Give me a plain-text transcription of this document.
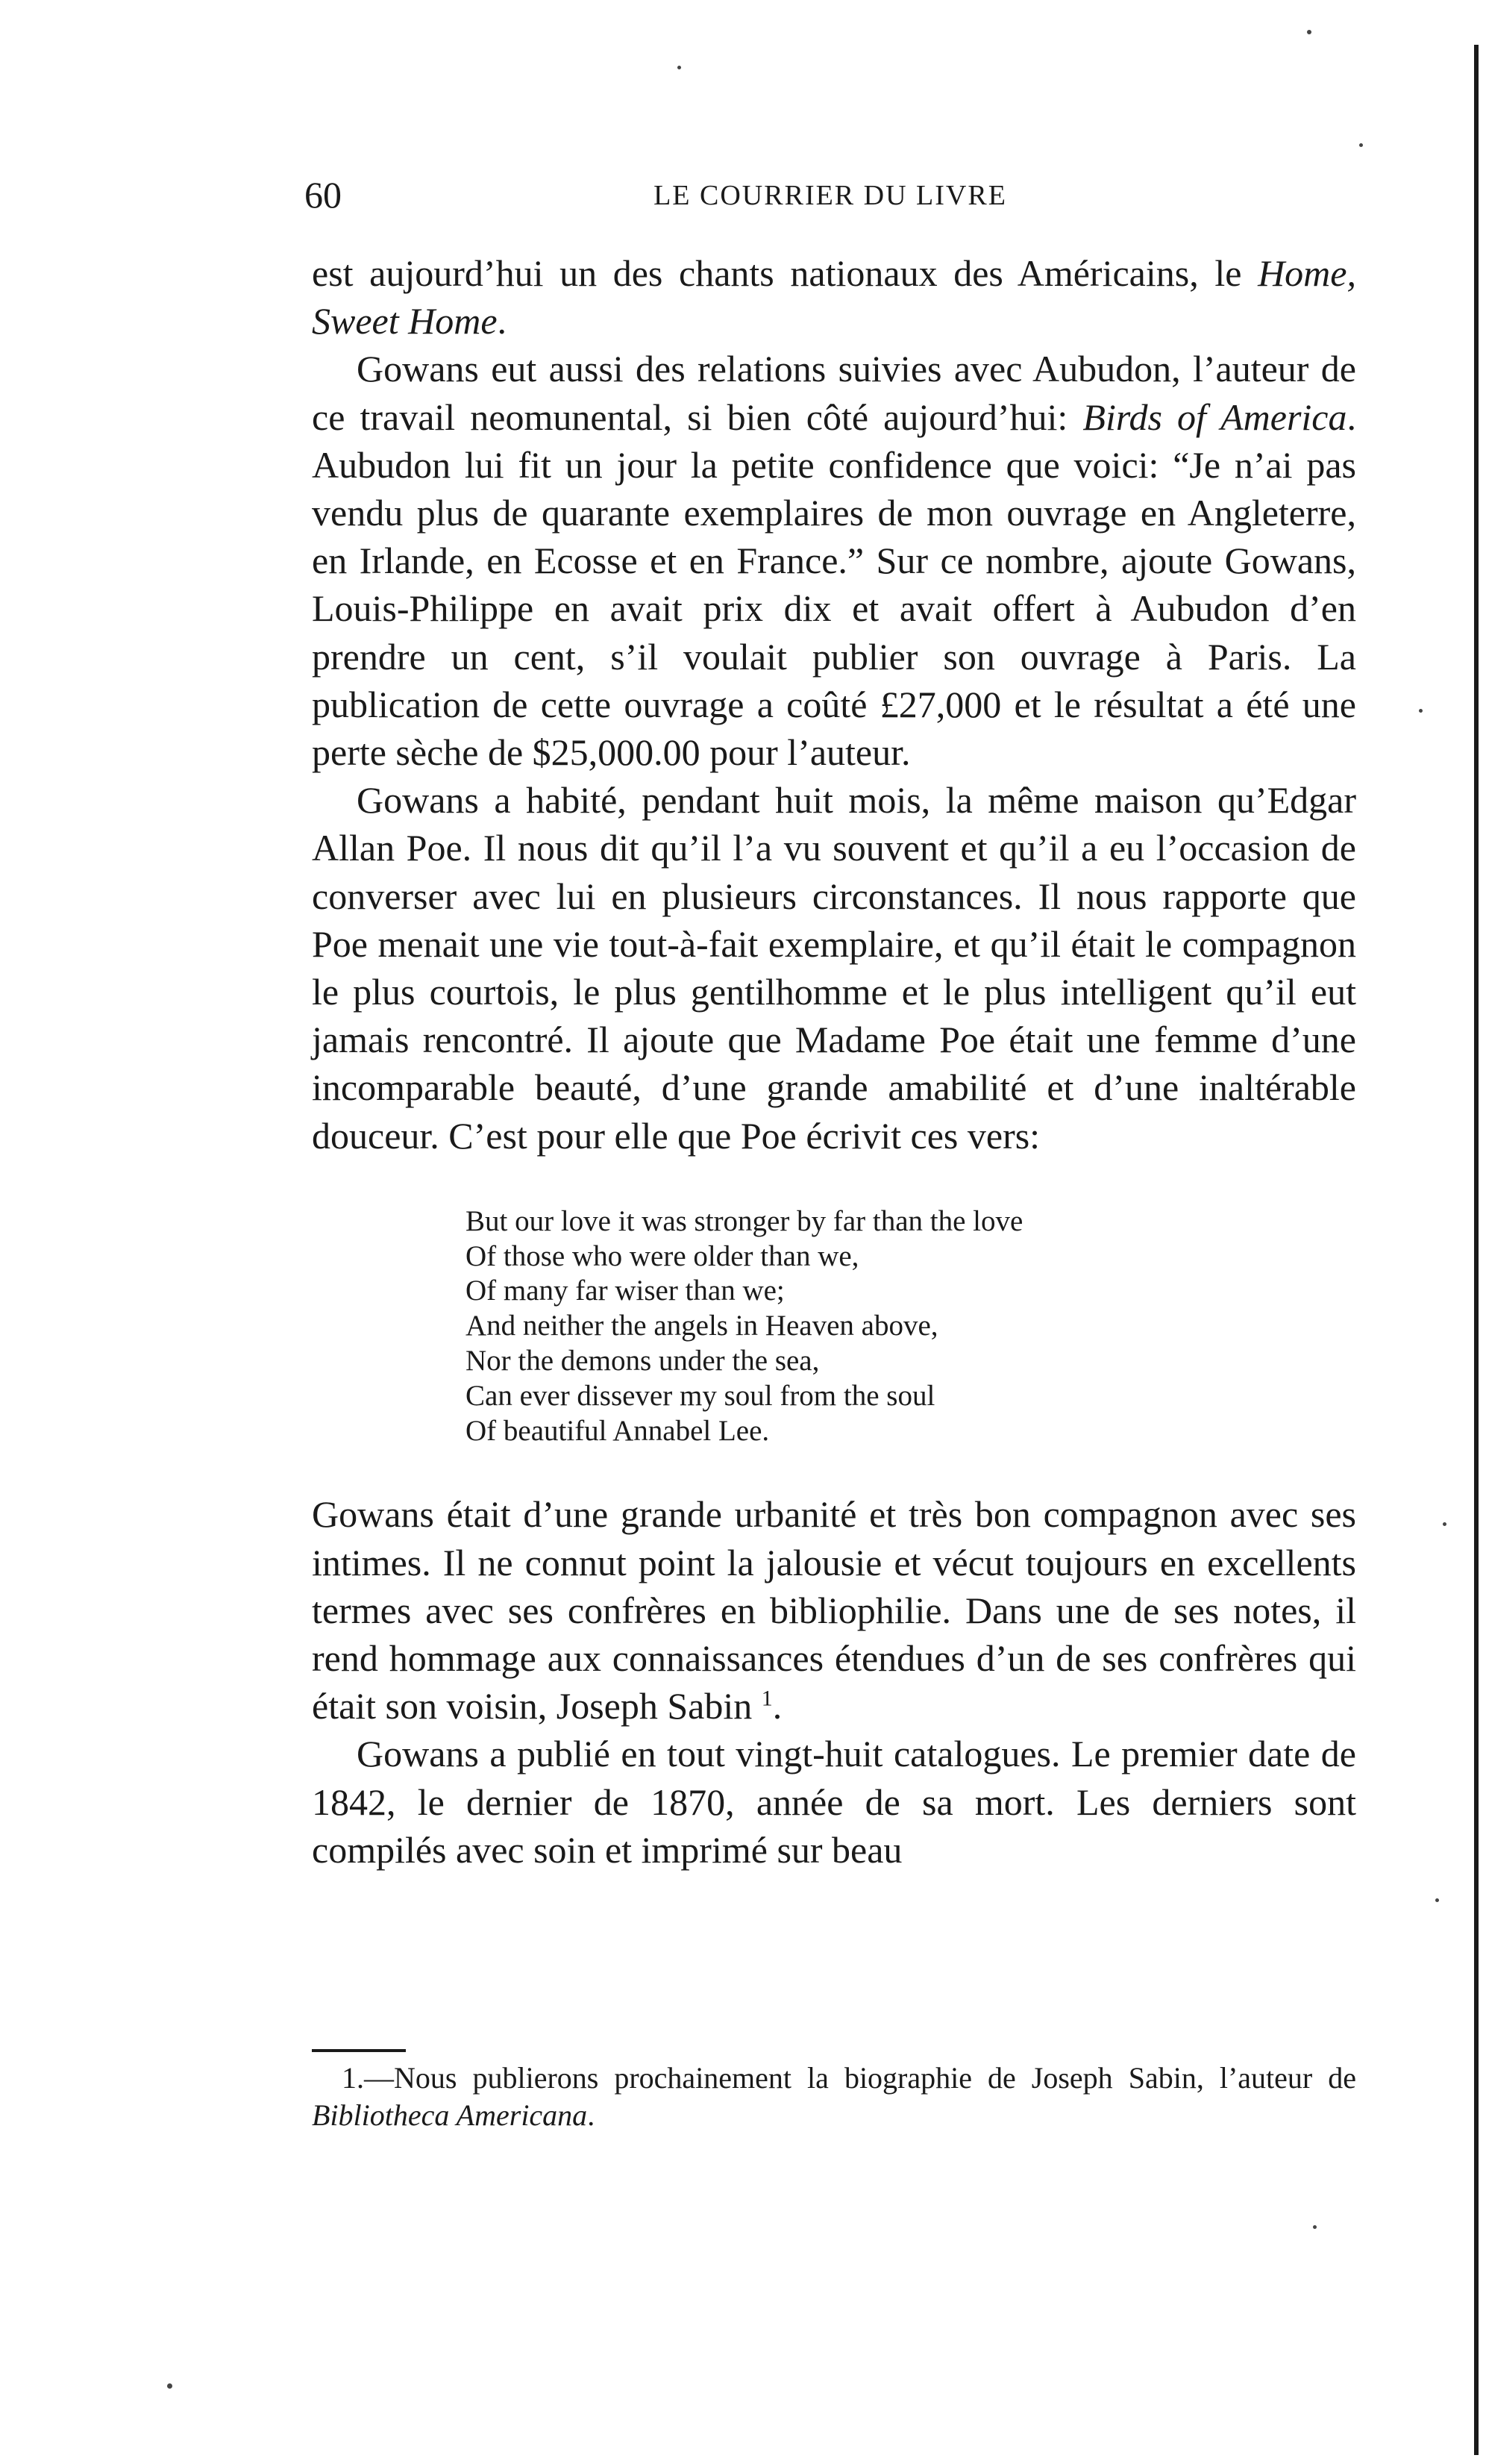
60	LE COURRIER DU LIVRE

est aujourd’hui un des chants nationaux des Américains, le Home, Sweet Home.

Gowans eut aussi des relations suivies avec Aubudon, l’auteur de ce travail neomunental, si bien côté aujourd’hui: Birds of America. Aubudon lui fit un jour la petite confidence que voici: “Je n’ai pas vendu plus de quarante exemplaires de mon ouvrage en Angleterre, en Irlande, en Ecosse et en France.” Sur ce nombre, ajoute Gowans, Louis-Philippe en avait prix dix et avait offert à Aubudon d’en prendre un cent, s’il voulait publier son ouvrage à Paris. La publication de cette ouvrage a coûté £27,000 et le résultat a été une perte sèche de $25,000.00 pour l’auteur.

Gowans a habité, pendant huit mois, la même maison qu’Edgar Allan Poe. Il nous dit qu’il l’a vu souvent et qu’il a eu l’occasion de converser avec lui en plusieurs circonstances. Il nous rapporte que Poe menait une vie tout-à-fait exemplaire, et qu’il était le compagnon le plus courtois, le plus gentilhomme et le plus intelligent qu’il eut jamais rencontré. Il ajoute que Madame Poe était une femme d’une incomparable beauté, d’une grande amabilité et d’une inaltérable douceur. C’est pour elle que Poe écrivit ces vers:

But our love it was stronger by far than the love
Of those who were older than we,
Of many far wiser than we;
And neither the angels in Heaven above,
Nor the demons under the sea,
Can ever dissever my soul from the soul
Of beautiful Annabel Lee.

Gowans était d’une grande urbanité et très bon compagnon avec ses intimes. Il ne connut point la jalousie et vécut toujours en excellents termes avec ses confrères en bibliophilie. Dans une de ses notes, il rend hommage aux connaissances étendues d’un de ses confrères qui était son voisin, Joseph Sabin $^1$.

Gowans a publié en tout vingt-huit catalogues. Le premier date de 1842, le dernier de 1870, année de sa mort. Les derniers sont compilés avec soin et imprimé sur beau

1.—Nous publierons prochainement la biographie de Joseph Sabin, l’auteur de Bibliotheca Americana.
